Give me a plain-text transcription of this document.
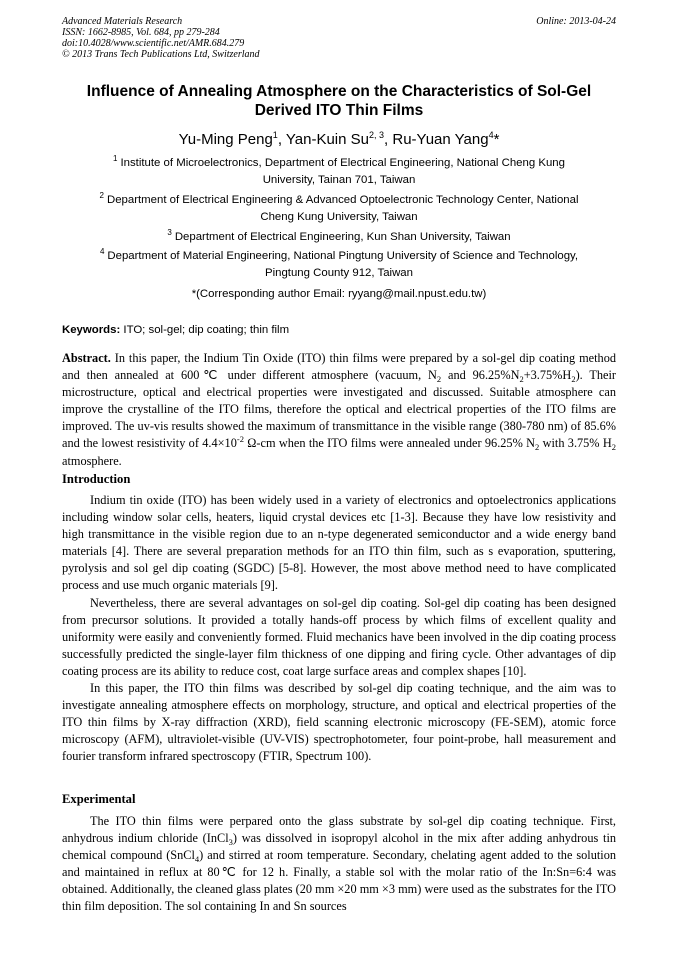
Advanced Materials Research
ISSN: 1662-8985, Vol. 684, pp 279-284
doi:10.4028/www.scientific.net/AMR.684.279
© 2013 Trans Tech Publications Ltd, Switzerland
Online: 2013-04-24
Influence of Annealing Atmosphere on the Characteristics of Sol-Gel
Derived ITO Thin Films
Yu-Ming Peng$^1$, Yan-Kuin Su$^{2, 3}$, Ru-Yuan Yang$^4$*
$^1$ Institute of Microelectronics, Department of Electrical Engineering, National Cheng Kung
University, Tainan 701, Taiwan
$^2$ Department of Electrical Engineering & Advanced Optoelectronic Technology Center, National
Cheng Kung University, Taiwan
$^3$ Department of Electrical Engineering, Kun Shan University, Taiwan
$^4$ Department of Material Engineering, National Pingtung University of Science and Technology,
Pingtung County 912, Taiwan
*(Corresponding author Email: ryyang@mail.npust.edu.tw)
Keywords: ITO; sol-gel; dip coating; thin film

Abstract. In this paper, the Indium Tin Oxide (ITO) thin films were prepared by a sol-gel dip coating method and then annealed at 600℃ under different atmosphere (vacuum, $N_2$ and $96.25\%N_2+3.75\%H_2$). Their microstructure, optical and electrical properties were investigated and discussed. Suitable atmosphere can improve the crystalline of the ITO films, therefore the optical and electrical properties of the ITO films are improved. The uv-vis results showed the maximum of transmittance in the visible range (380-780 nm) of 85.6% and the lowest resistivity of $4.4\times 10^{-2}$ Ω-cm when the ITO films were annealed under 96.25% $N_2$ with 3.75% $H_2$ atmosphere.

Introduction

Indium tin oxide (ITO) has been widely used in a variety of electronics and optoelectronics applications including window solar cells, heaters, liquid crystal devices etc [1-3]. Because they have low resistivity and high transmittance in the visible region due to an n-type degenerated semiconductor and a wide energy band materials [4]. There are several preparation methods for an ITO thin film, such as s evaporation, sputtering, pyrolysis and sol gel dip coating (SGDC) [5-8]. However, the most above method need to have complicated process and use much organic materials [9].

Nevertheless, there are several advantages on sol-gel dip coating. Sol-gel dip coating has been designed from precursor solutions. It provided a totally hands-off process by which films of excellent quality and uniformity were easily and conveniently formed. Fluid mechanics have been involved in the dip coating process successfully predicted the single-layer film thickness of one dipping and firing cycle. Other advantages of dip coating process are its ability to reduce cost, coat large surface areas and complex shapes [10].

In this paper, the ITO thin films was described by sol-gel dip coating technique, and the aim was to investigate annealing atmosphere effects on morphology, structure, and optical and electrical properties of the ITO thin films by X-ray diffraction (XRD), field scanning electronic microscopy (FE-SEM), atomic force microscopy (AFM), ultraviolet-visible (UV-VIS) spectrophotometer, four point-probe, hall measurement and fourier transform infrared spectroscopy (FTIR, Spectrum 100).

Experimental

The ITO thin films were perpared onto the glass substrate by sol-gel dip coating technique. First, anhydrous indium chloride (InCl$_3$) was dissolved in isopropyl alcohol in the mix after adding anhydrous tin chemical compound (SnCl$_4$) and stirred at room temperature. Secondary, chelating agent added to the solution and maintained in reflux at 80℃ for 12 h. Finally, a stable sol with the molar ratio of the In:Sn=6:4 was obtained. Additionally, the cleaned glass plates (20 mm ×20 mm ×3 mm) were used as the substrates for the ITO thin film deposition. The sol containing In and Sn sources
